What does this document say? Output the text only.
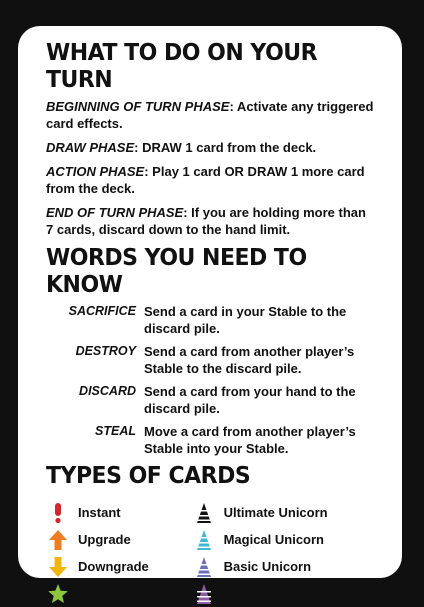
WHAT TO DO ON YOUR TURN

BEGINNING OF TURN PHASE: Activate any triggered card effects.

DRAW PHASE: DRAW 1 card from the deck.

ACTION PHASE: Play 1 card OR DRAW 1 more card from the deck.

END OF TURN PHASE: If you are holding more than 7 cards, discard down to the hand limit.

WORDS YOU NEED TO KNOW
SACRIFICE Send a card in your Stable to the discard pile.
DESTROY Send a card from another player’s Stable to the discard pile.
DISCARD Send a card from your hand to the discard pile.
STEAL Move a card from another player’s Stable into your Stable.
TYPES OF CARDS
Instant
Upgrade
Downgrade
Magic
Ultimate Unicorn
Magical Unicorn
Basic Unicorn
Baby Unicorn
